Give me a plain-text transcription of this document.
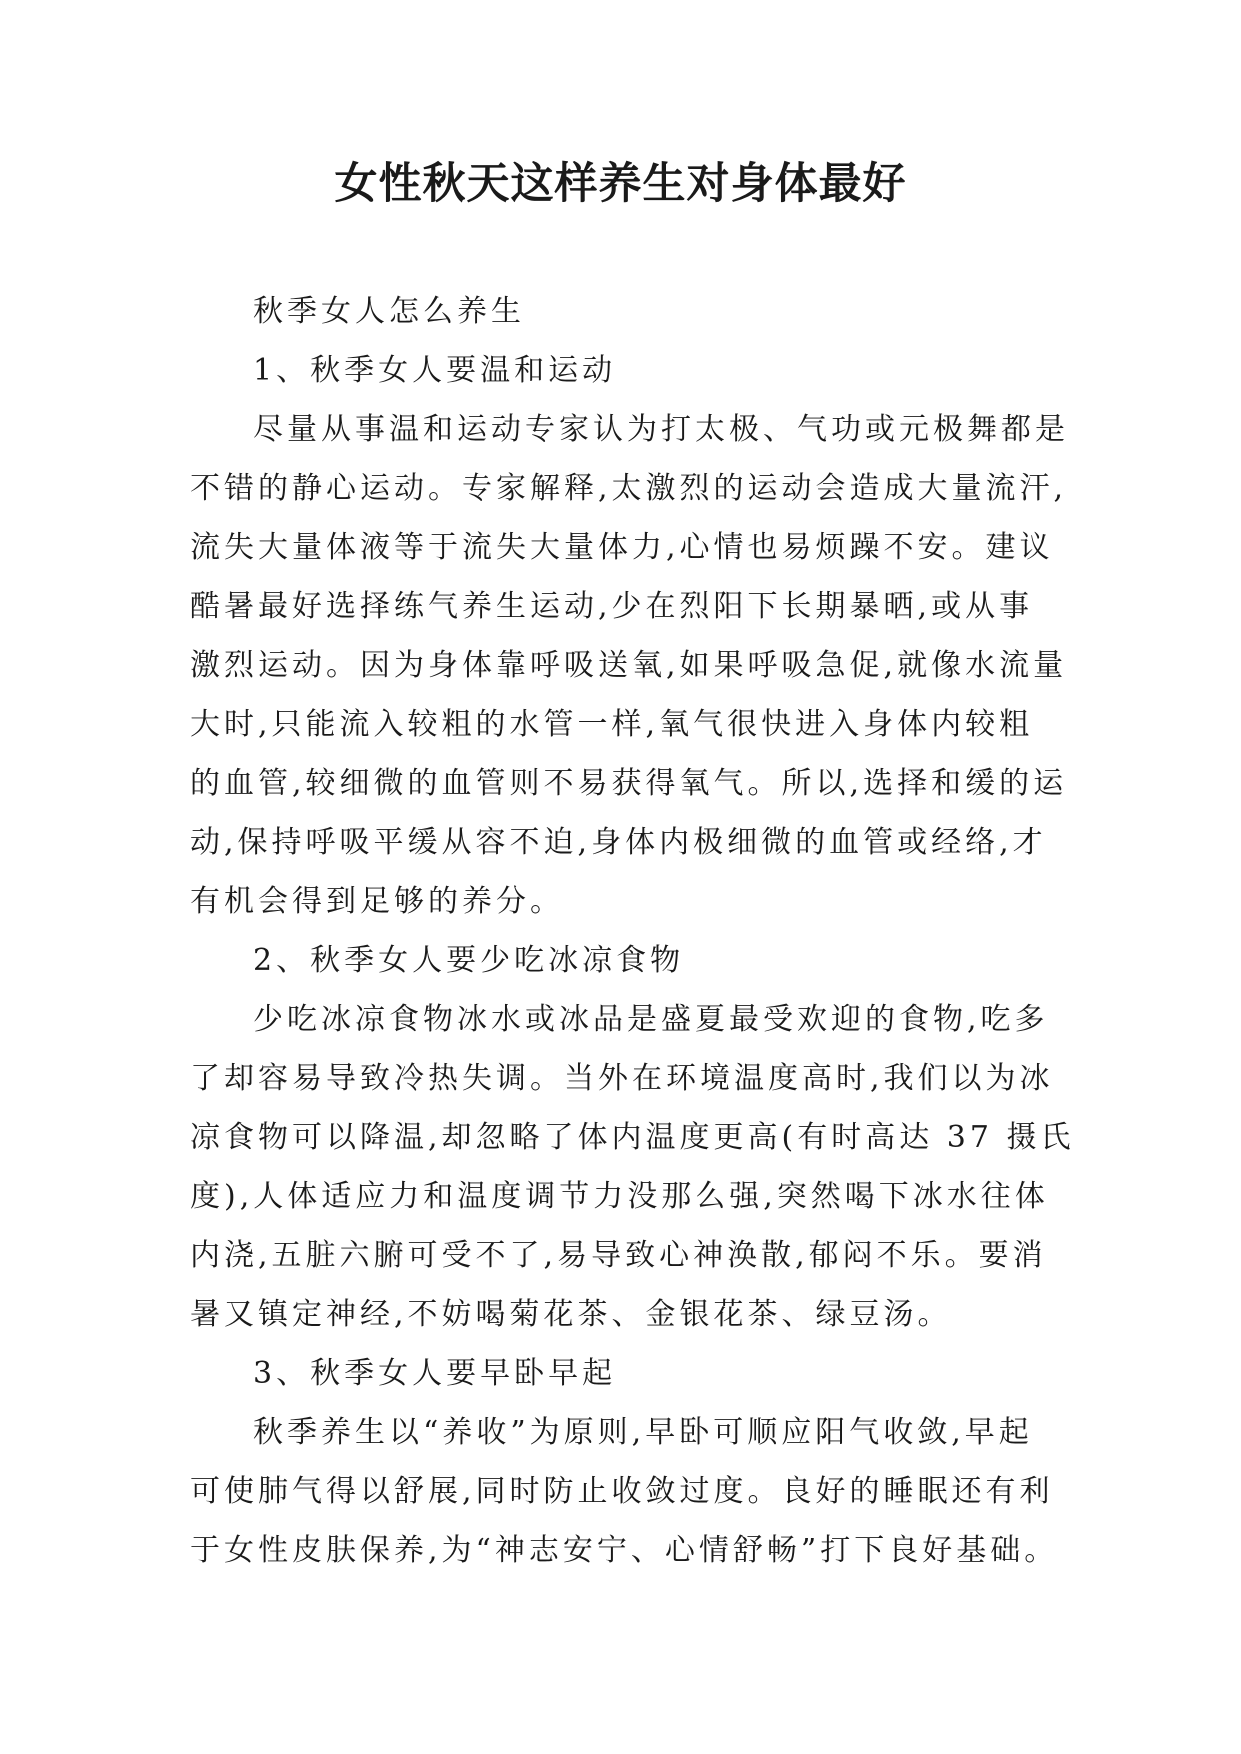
女性秋天这样养生对身体最好

秋季女人怎么养生

1、秋季女人要温和运动

尽量从事温和运动专家认为打太极、气功或元极舞都是

不错的静心运动。专家解释,太激烈的运动会造成大量流汗,

流失大量体液等于流失大量体力,心情也易烦躁不安。建议

酷暑最好选择练气养生运动,少在烈阳下长期暴晒,或从事

激烈运动。因为身体靠呼吸送氧,如果呼吸急促,就像水流量

大时,只能流入较粗的水管一样,氧气很快进入身体内较粗

的血管,较细微的血管则不易获得氧气。所以,选择和缓的运

动,保持呼吸平缓从容不迫,身体内极细微的血管或经络,才

有机会得到足够的养分。

2、秋季女人要少吃冰凉食物

少吃冰凉食物冰水或冰品是盛夏最受欢迎的食物,吃多

了却容易导致冷热失调。当外在环境温度高时,我们以为冰

凉食物可以降温,却忽略了体内温度更高(有时高达 37 摄氏

度),人体适应力和温度调节力没那么强,突然喝下冰水往体

内浇,五脏六腑可受不了,易导致心神涣散,郁闷不乐。要消

暑又镇定神经,不妨喝菊花茶、金银花茶、绿豆汤。

3、秋季女人要早卧早起

秋季养生以“养收”为原则,早卧可顺应阳气收敛,早起

可使肺气得以舒展,同时防止收敛过度。良好的睡眠还有利

于女性皮肤保养,为“神志安宁、心情舒畅”打下良好基础。
